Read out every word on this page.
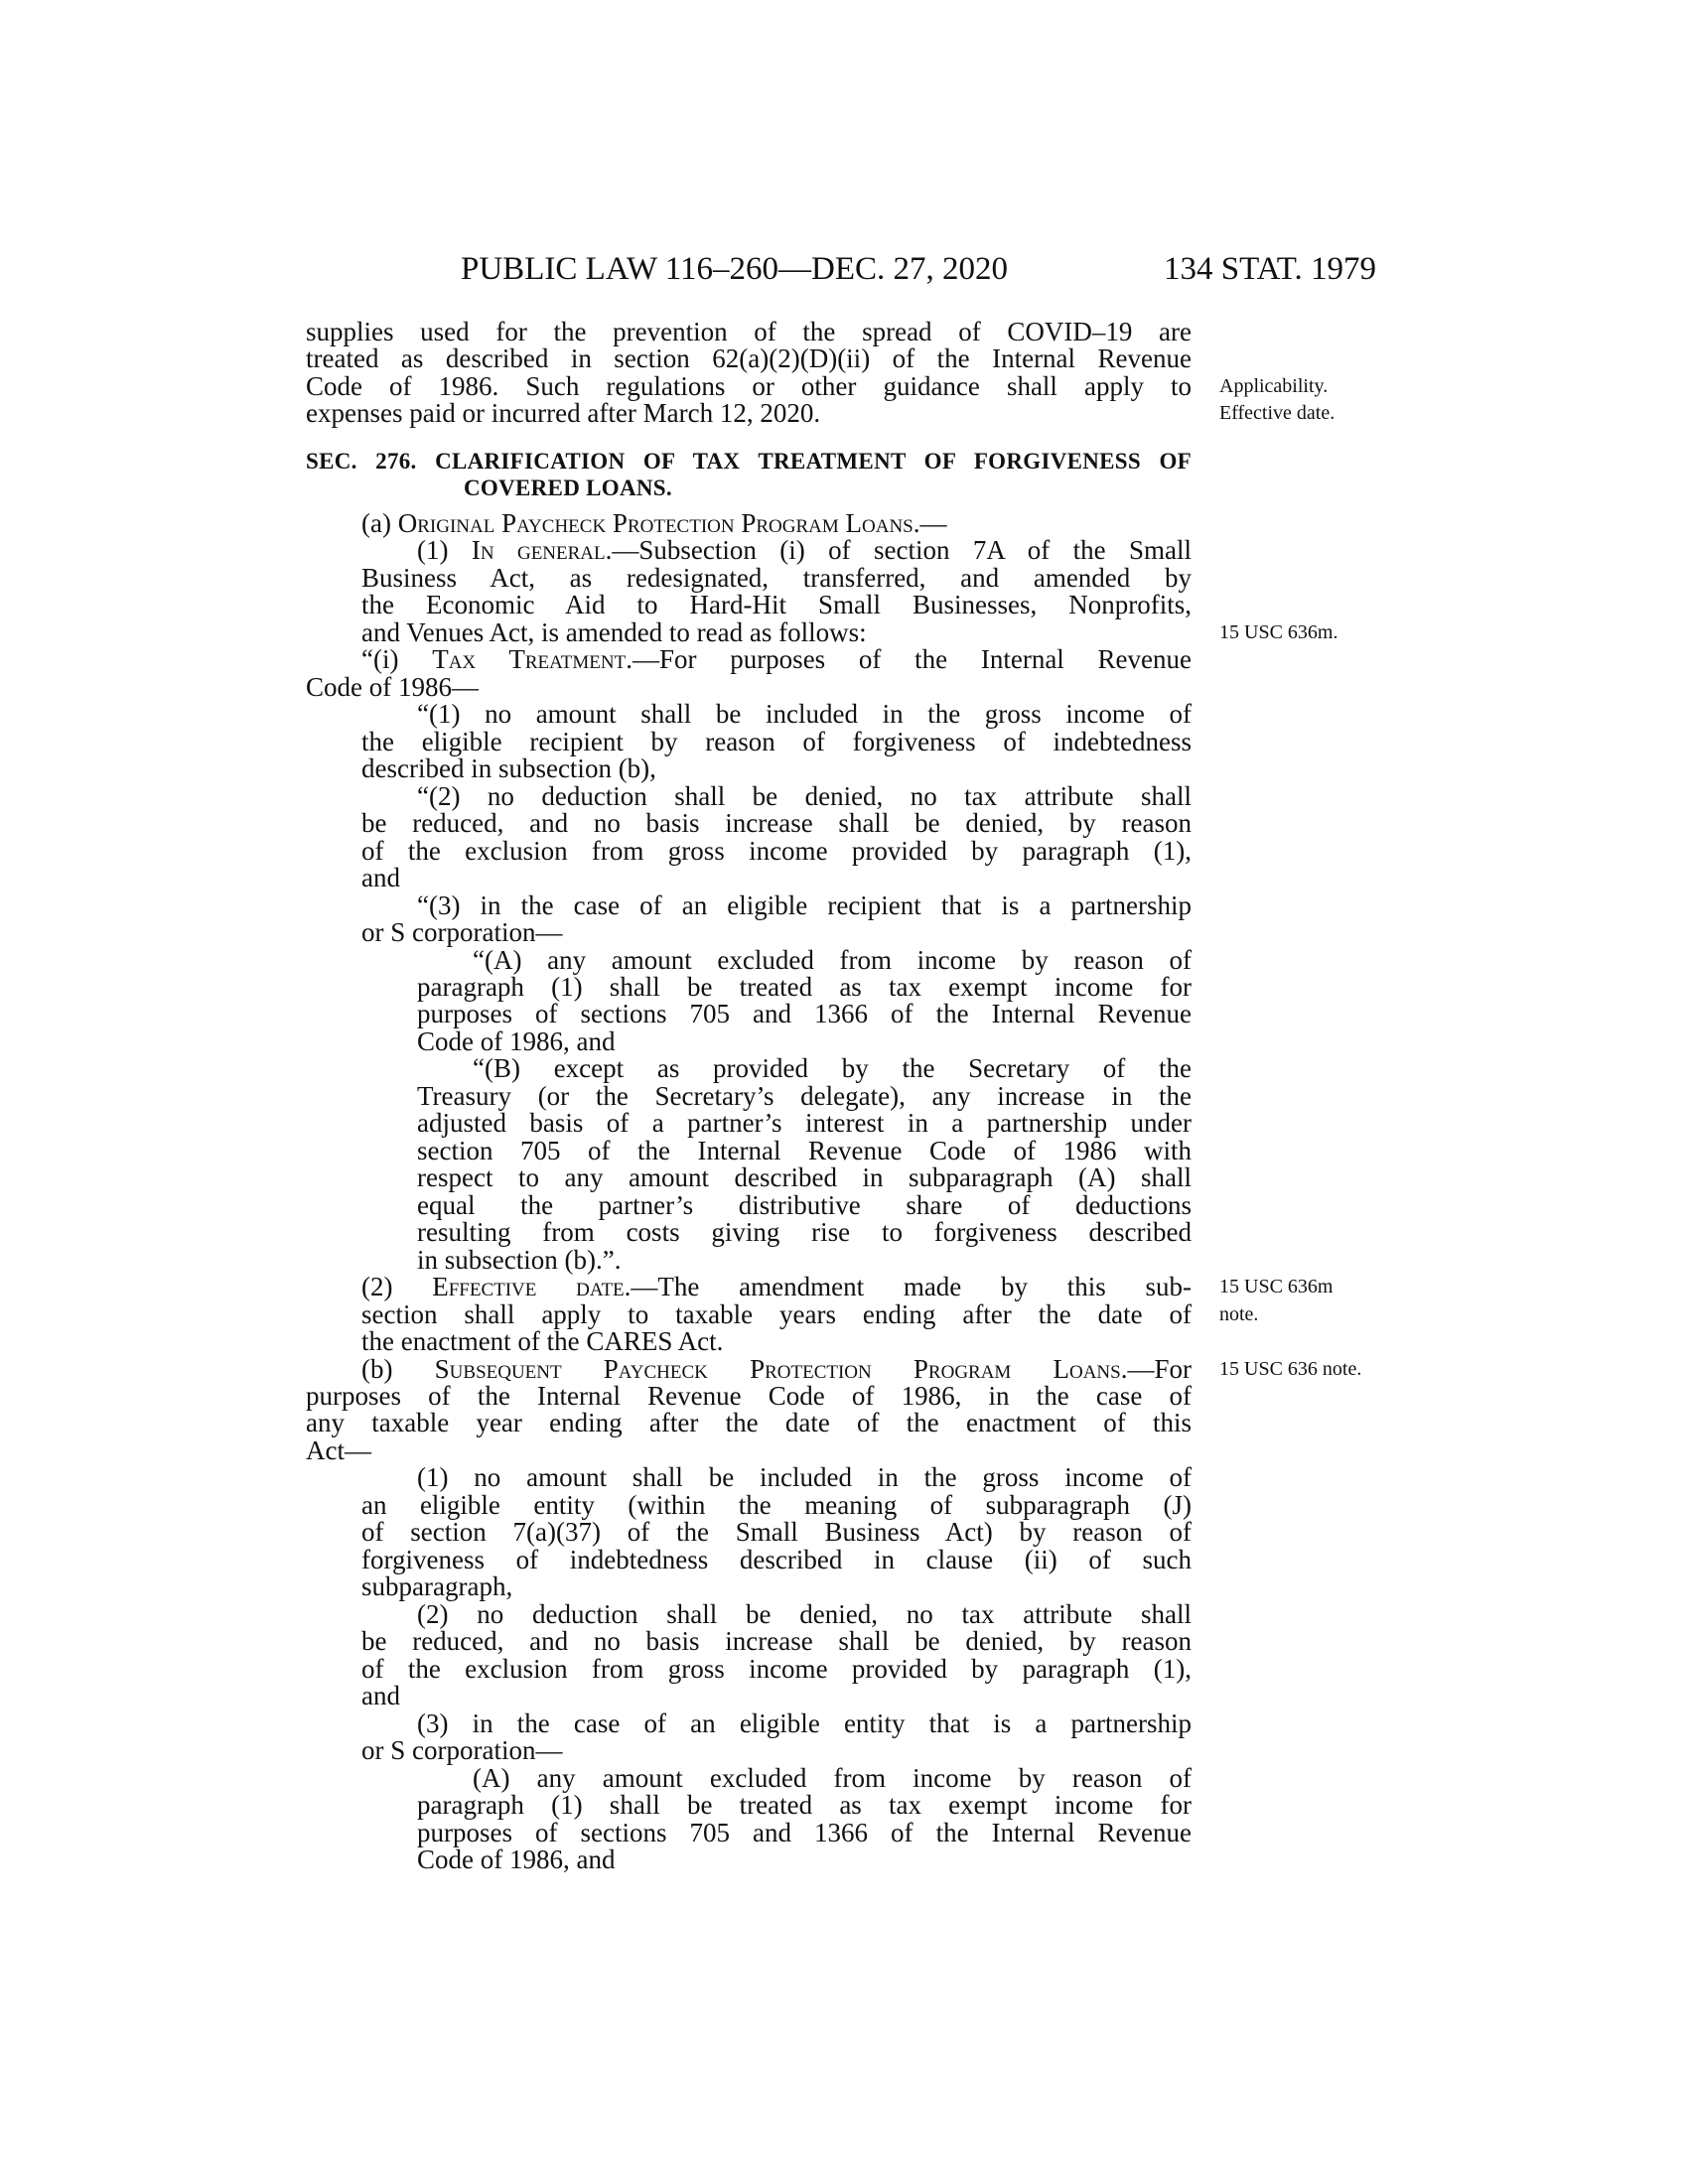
PUBLIC LAW 116–260—DEC. 27, 2020	134 STAT. 1979
supplies used for the prevention of the spread of COVID–19 are
treated as described in section 62(a)(2)(D)(ii) of the Internal Revenue
Code of 1986. Such regulations or other guidance shall apply to Applicability.
expenses paid or incurred after March 12, 2020.	Effective date.
SEC. 276. CLARIFICATION OF TAX TREATMENT OF FORGIVENESS OF
COVERED LOANS.
(a) Original Paycheck Protection Program Loans.—
(1) In general.—Subsection (i) of section 7A of the Small
Business Act, as redesignated, transferred, and amended by
the Economic Aid to Hard-Hit Small Businesses, Nonprofits,
and Venues Act, is amended to read as follows:	15 USC 636m.
“(i) Tax Treatment.—For purposes of the Internal Revenue
Code of 1986—
“(1) no amount shall be included in the gross income of
the eligible recipient by reason of forgiveness of indebtedness
described in subsection (b),
“(2) no deduction shall be denied, no tax attribute shall
be reduced, and no basis increase shall be denied, by reason
of the exclusion from gross income provided by paragraph (1),
and
“(3) in the case of an eligible recipient that is a partnership
or S corporation—
“(A) any amount excluded from income by reason of
paragraph (1) shall be treated as tax exempt income for
purposes of sections 705 and 1366 of the Internal Revenue
Code of 1986, and
“(B) except as provided by the Secretary of the
Treasury (or the Secretary’s delegate), any increase in the
adjusted basis of a partner’s interest in a partnership under
section 705 of the Internal Revenue Code of 1986 with
respect to any amount described in subparagraph (A) shall
equal the partner’s distributive share of deductions
resulting from costs giving rise to forgiveness described
in subsection (b).”.
(2) Effective date.—The amendment made by this sub- 15 USC 636m
section shall apply to taxable years ending after the date of note.
the enactment of the CARES Act.
(b) Subsequent Paycheck Protection Program Loans.—For 15 USC 636 note.
purposes of the Internal Revenue Code of 1986, in the case of
any taxable year ending after the date of the enactment of this
Act—
(1) no amount shall be included in the gross income of
an eligible entity (within the meaning of subparagraph (J)
of section 7(a)(37) of the Small Business Act) by reason of
forgiveness of indebtedness described in clause (ii) of such
subparagraph,
(2) no deduction shall be denied, no tax attribute shall
be reduced, and no basis increase shall be denied, by reason
of the exclusion from gross income provided by paragraph (1),
and
(3) in the case of an eligible entity that is a partnership
or S corporation—
(A) any amount excluded from income by reason of
paragraph (1) shall be treated as tax exempt income for
purposes of sections 705 and 1366 of the Internal Revenue
Code of 1986, and
